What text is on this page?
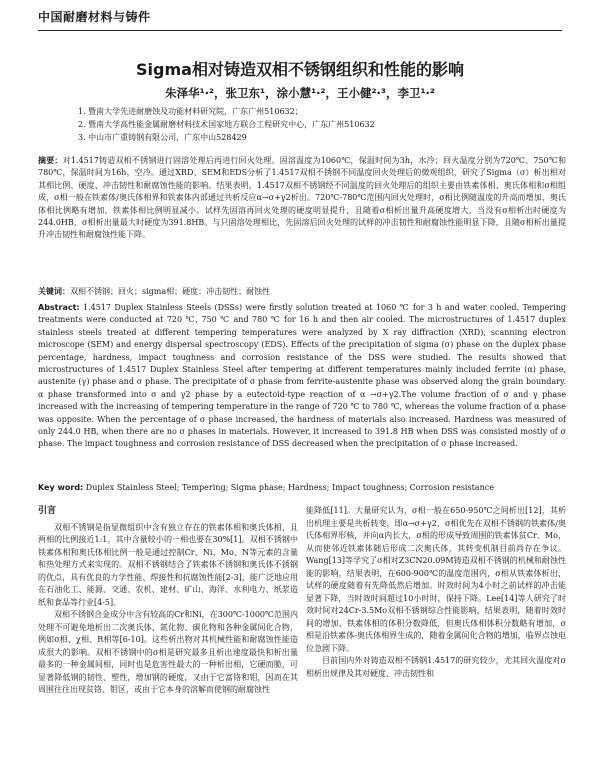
中国耐磨材料与铸件
Sigma相对铸造双相不锈钢组织和性能的影响
朱泽华¹·²，张卫东¹，涂小慧¹·²，王小健²·³，李卫¹·²
1. 暨南大学先进耐磨蚀及功能材料研究院，广东广州510632；
2. 暨南大学高性能金属耐磨材料技术国家地方联合工程研究中心，广东广州510632
3. 中山市广重铸钢有限公司，广东中山528429

摘要：对1.4517铸造双相不锈钢进行固溶处理后再进行回火处理。固溶温度为1060℃，保温时间为3h，水冷；回火温度分别为720℃、750℃和780℃，保温时间为16h，空冷。通过XRD、SEM和EDS分析了1.4517双相不锈钢不同温度回火处理后的微观组织，研究了Sigma（σ）析出相对其相比例、硬度、冲击韧性和耐腐蚀性能的影响。结果表明，1.4517双相不锈钢经不同温度的回火处理后的组织主要由铁素体相、奥氏体相和σ相组成，σ相一般在铁素体/奥氏体相界和铁素体内部通过共析反应α→σ+γ2析出。720℃-780℃范围内回火处理时，σ相比例随温度的升高而增加，奥氏体相比例略有增加，铁素体相比例明显减小。试样先固溶再回火处理的硬度明显提升，且随着σ相析出量升高硬度增大，当没有σ相析出时硬度为244.0HB，σ相析出量最大时硬度为391.8HB。与只固溶处理相比，先固溶后回火处理的试样的冲击韧性和耐腐蚀性能明显下降，且随σ相析出量提升冲击韧性和耐腐蚀性能下降。

关键词：双相不锈钢；回火；sigma相；硬度；冲击韧性；耐蚀性

Abstract: 1.4517 Duplex Stainless Steels (DSSs) were firstly solution treated at 1060 ℃ for 3 h and water cooled. Tempering treatments were conducted at 720 ℃, 750 ℃ and 780 ℃ for 16 h and then air cooled. The microstructures of 1.4517 duplex stainless steels treated at different tempering temperatures were analyzed by X ray diffraction (XRD), scanning electron microscope (SEM) and energy dispersal spectroscopy (EDS). Effects of the precipitation of sigma (σ) phase on the duplex phase percentage, hardness, impact toughness and corrosion resistance of the DSS were studied. The results showed that microstructures of 1.4517 Duplex Stainless Steel after tempering at different temperatures mainly included ferrite (α) phase, austenite (γ) phase and σ phase. The precipitate of σ phase from ferrite-austenite phase was observed along the grain boundary. α phase transformed into σ and γ2 phase by a eutectoid-type reaction of α →σ+γ2.The volume fraction of σ and γ phase increased with the increasing of tempering temperature in the range of 720 ℃ to 780 ℃, whereas the volume fraction of α phase was opposite. When the percentage of σ phase increased, the hardness of materials also increased. Hardness was measured of only 244.0 HB, when there are no σ phases in materials. However, it increased to 391.8 HB when DSS was consisted mostly of σ phase. The impact toughness and corrosion resistance of DSS decreased when the precipitation of σ phase increased.

Key word: Duplex Stainless Steel; Tempering; Sigma phase; Hardness; Impact toughness; Corrosion resistance

引言

双相不锈钢是指显微组织中含有独立存在的铁素体相和奥氏体相，且两相的比例接近1:1，其中含量较小的一相也要在30%[1]。双相不锈钢中铁素体相和奥氏体相比例一般是通过控制Cr、Ni、Mo、N等元素的含量和热处理方式来实现的。双相不锈钢结合了铁素体不锈钢和奥氏体不锈钢的优点，具有优良的力学性能、焊接性和抗腐蚀性能[2-3]，能广泛地应用在石油化工、能源、交通、农机、建材、矿山、海洋、水利电力、纸浆造纸和食品等行业[4-5]。

双相不锈钢合金成分中含有较高的Cr和Ni，在300℃-1000℃范围内处理不可避免地析出二次奥氏体、氮化物、碳化物和各种金属间化合物，例如σ相、χ相、R相等[6-10]。这些析出物对其机械性能和耐腐蚀性能造成很大的影响。双相不锈钢中的σ相是研究最多且析出速度最快和析出量最多的一种金属间相，同时也是危害性最大的一种析出相，它硬而脆，可显著降低钢的韧性、塑性，增加钢的硬度，又由于它富铬和钼，因而在其周围往往出现贫铬、钼区，或由于它本身的溶解而使钢的耐腐蚀性

能降低[11]。大量研究认为，σ相一般在650-950℃之间析出[12]，其析出机理主要是共析转变，即α→σ+γ2，σ相优先在双相不锈钢的铁素体/奥氏体相界形核，并向α内长大，σ相的形成导致周围的铁素体贫Cr、Mo，从而使邻近铁素体随后形成二次奥氏体，其转变机制目前尚存在争议。Wang[13]等学究了σ相对Z3CN20.09M铸造双相不锈钢的机械和耐蚀性能的影响，结果表明，在600-900℃的温度范围内，σ相从铁素体析出，试样的硬度随着有先降低然后增加。时效时间为4小时之前试样的冲击能显著下降，当时效时间超过10小时时，保持下降。Lee[14]等人研究了时效时间对24Cr-3.5Mo双相不锈钢综合性能影响，结果表明，随着时效时间的增加，铁素体相的体积分数降低，但奥氏体相体积分数略有增加，σ相是沿铁素体-奥氏体相界生成的，随着金属间化合物的增加，临界点蚀电位急剧下降。

目前国内外对铸造双相不锈钢1.4517的研究较少，尤其回火温度对σ相析出规律及其对硬度、冲击韧性和
